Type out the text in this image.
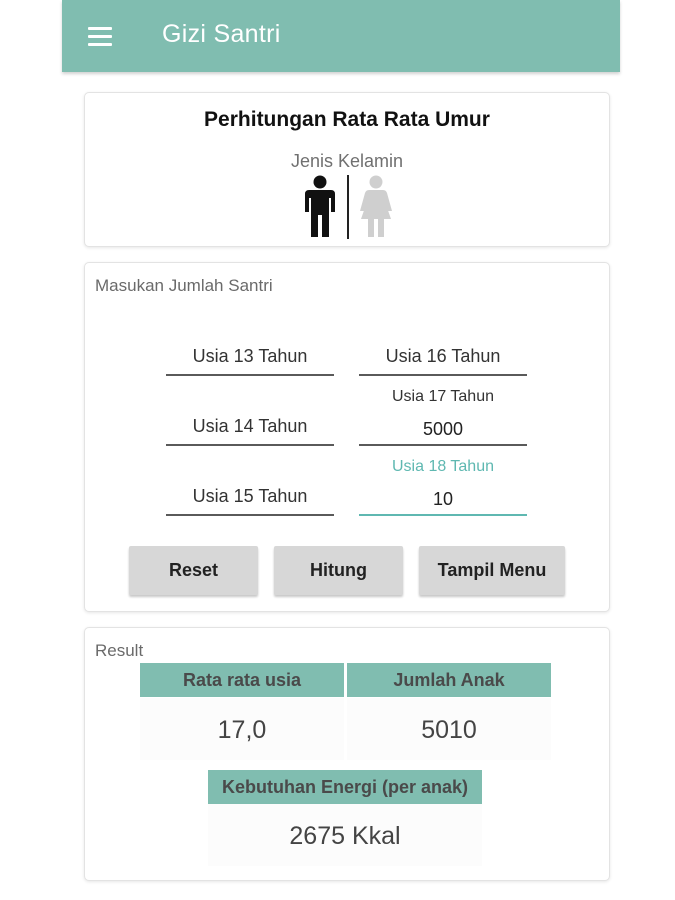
Gizi Santri
Perhitungan Rata Rata Umur
Jenis Kelamin
Masukan Jumlah Santri
Usia 13 Tahun
Usia 14 Tahun
Usia 15 Tahun
Usia 16 Tahun
Usia 17 Tahun
5000
Usia 18 Tahun
10
Reset	Hitung	Tampil Menu
Result
Rata rata usia	Jumlah Anak
17,0	5010
Kebutuhan Energi (per anak)
2675 Kkal
